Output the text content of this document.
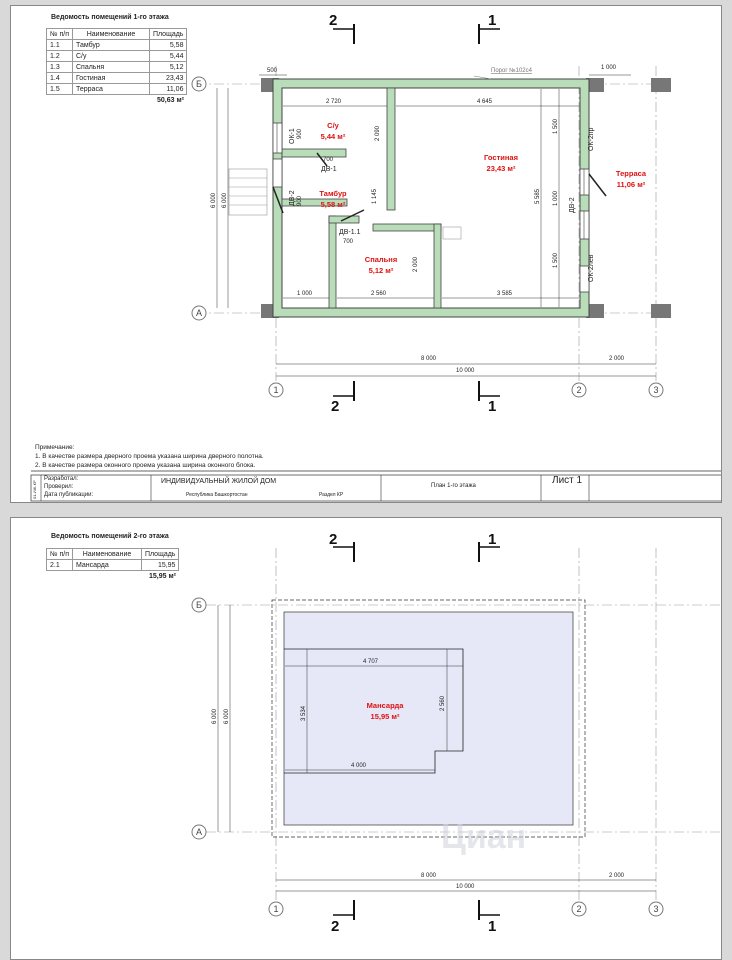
Ведомость помещений 1-го этажа
№ п/п	Наименование	Площадь
1.1	Тамбур	5,58
1.2	С/у	5,44
1.3	Спальня	5,12
1.4	Гостиная	23,43
1.5	Терраса	11,06
		50,63 м²
2	1
Б
А
1	2	3
2	1
500	1 000
2 720	4 645
Порог №102с4
900	2 090
700
900	1 145
700
2 000
1 500
1 000
1 500
5 585
6 000 6 000
1 000	2 560	3 585
8 000	2 000
10 000
ОК-1
ДВ-1
ДВ-2
ДВ-1.1
ОК-2пр
ДВ-2
ОК-2лев
С/у
5,44 м²
Тамбур
5,58 м²
Гостиная
23,43 м²
Спальня
5,12 м²
Терраса
11,06 м²
Примечание:
1. В качестве размера дверного проема указана ширина дверного полотна.
2. В качестве размера оконного проема указана ширина оконного блока.
01-ИЖ-КР
Разработал:
Проверил:
Дата публикации:
ИНДИВИДУАЛЬНЫЙ ЖИЛОЙ ДОМ
Республика Башкортостан	Раздел КР
План 1-го этажа	Лист 1
Ведомость помещений 2-го этажа
№ п/п	Наименование	Площадь
2.1	Мансарда	15,95
		15,95 м²
2	1
Б
А
1	2	3
2	1
4 707
2 560
3 534
4 000
6 000 6 000
8 000	2 000
10 000
Мансарда
15,95 м²
Циан
